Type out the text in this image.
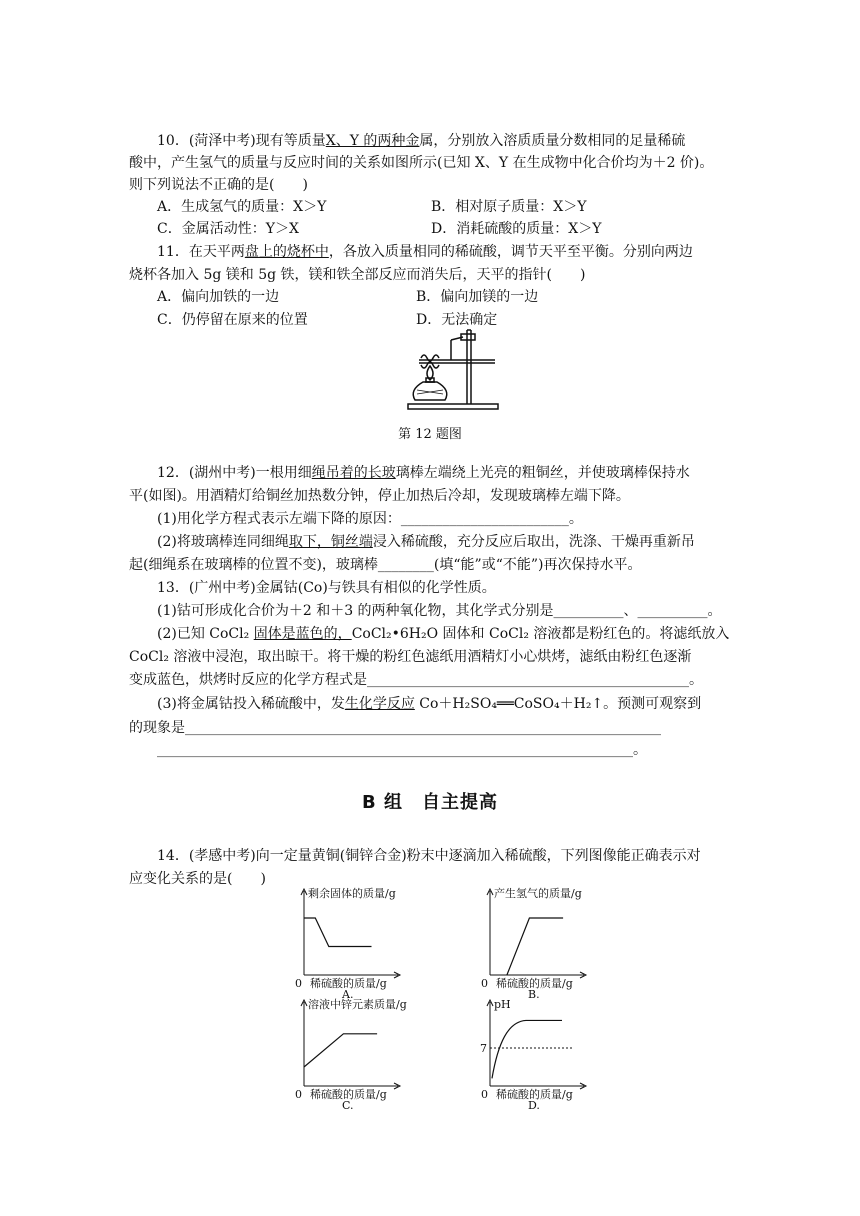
10．(菏泽中考)现有等质量X、Y 的两种金属，分别放入溶质质量分数相同的足量稀硫
酸中，产生氢气的质量与反应时间的关系如图所示(已知 X、Y 在生成物中化合价均为＋2 价)。
则下列说法不正确的是(　　)
A．生成氢气的质量：X＞Y	B．相对原子质量：X＞Y
C．金属活动性：Y＞X	D．消耗硫酸的质量：X＞Y
11．在天平两盘上的烧杯中，各放入质量相同的稀硫酸，调节天平至平衡。分别向两边
烧杯各加入 5g 镁和 5g 铁，镁和铁全部反应而消失后，天平的指针(　　)
A．偏向加铁的一边	B．偏向加镁的一边
C．仍停留在原来的位置	D．无法确定
第 12 题图
12．(湖州中考)一根用细绳吊着的长玻璃棒左端绕上光亮的粗铜丝，并使玻璃棒保持水
平(如图)。用酒精灯给铜丝加热数分钟，停止加热后冷却，发现玻璃棒左端下降。
(1)用化学方程式表示左端下降的原因：________________________。
(2)将玻璃棒连同细绳取下，铜丝端浸入稀硫酸，充分反应后取出，洗涤、干燥再重新吊
起(细绳系在玻璃棒的位置不变)，玻璃棒________(填“能”或“不能”)再次保持水平。
13．(广州中考)金属钴(Co)与铁具有相似的化学性质。
(1)钴可形成化合价为＋2 和＋3 的两种氧化物，其化学式分别是__________、__________。
(2)已知 CoCl₂ 固体是蓝色的，CoCl₂•6H₂O 固体和 CoCl₂ 溶液都是粉红色的。将滤纸放入
CoCl₂ 溶液中浸泡，取出晾干。将干燥的粉红色滤纸用酒精灯小心烘烤，滤纸由粉红色逐渐
变成蓝色，烘烤时反应的化学方程式是______________________________________________。
(3)将金属钴投入稀硫酸中，发生化学反应 Co＋H₂SO₄══CoSO₄＋H₂↑。预测可观察到
的现象是____________________________________________________________________
____________________________________________________________________。
B 组　自主提高
14．(孝感中考)向一定量黄铜(铜锌合金)粉末中逐滴加入稀硫酸，下列图像能正确表示对
应变化关系的是(　　)
剩余固体的质量/g
0 稀硫酸的质量/g
A.
产生氢气的质量/g
0 稀硫酸的质量/g
B.
溶液中锌元素质量/g
0 稀硫酸的质量/g
C.
pH
0 稀硫酸的质量/g
D.
7
